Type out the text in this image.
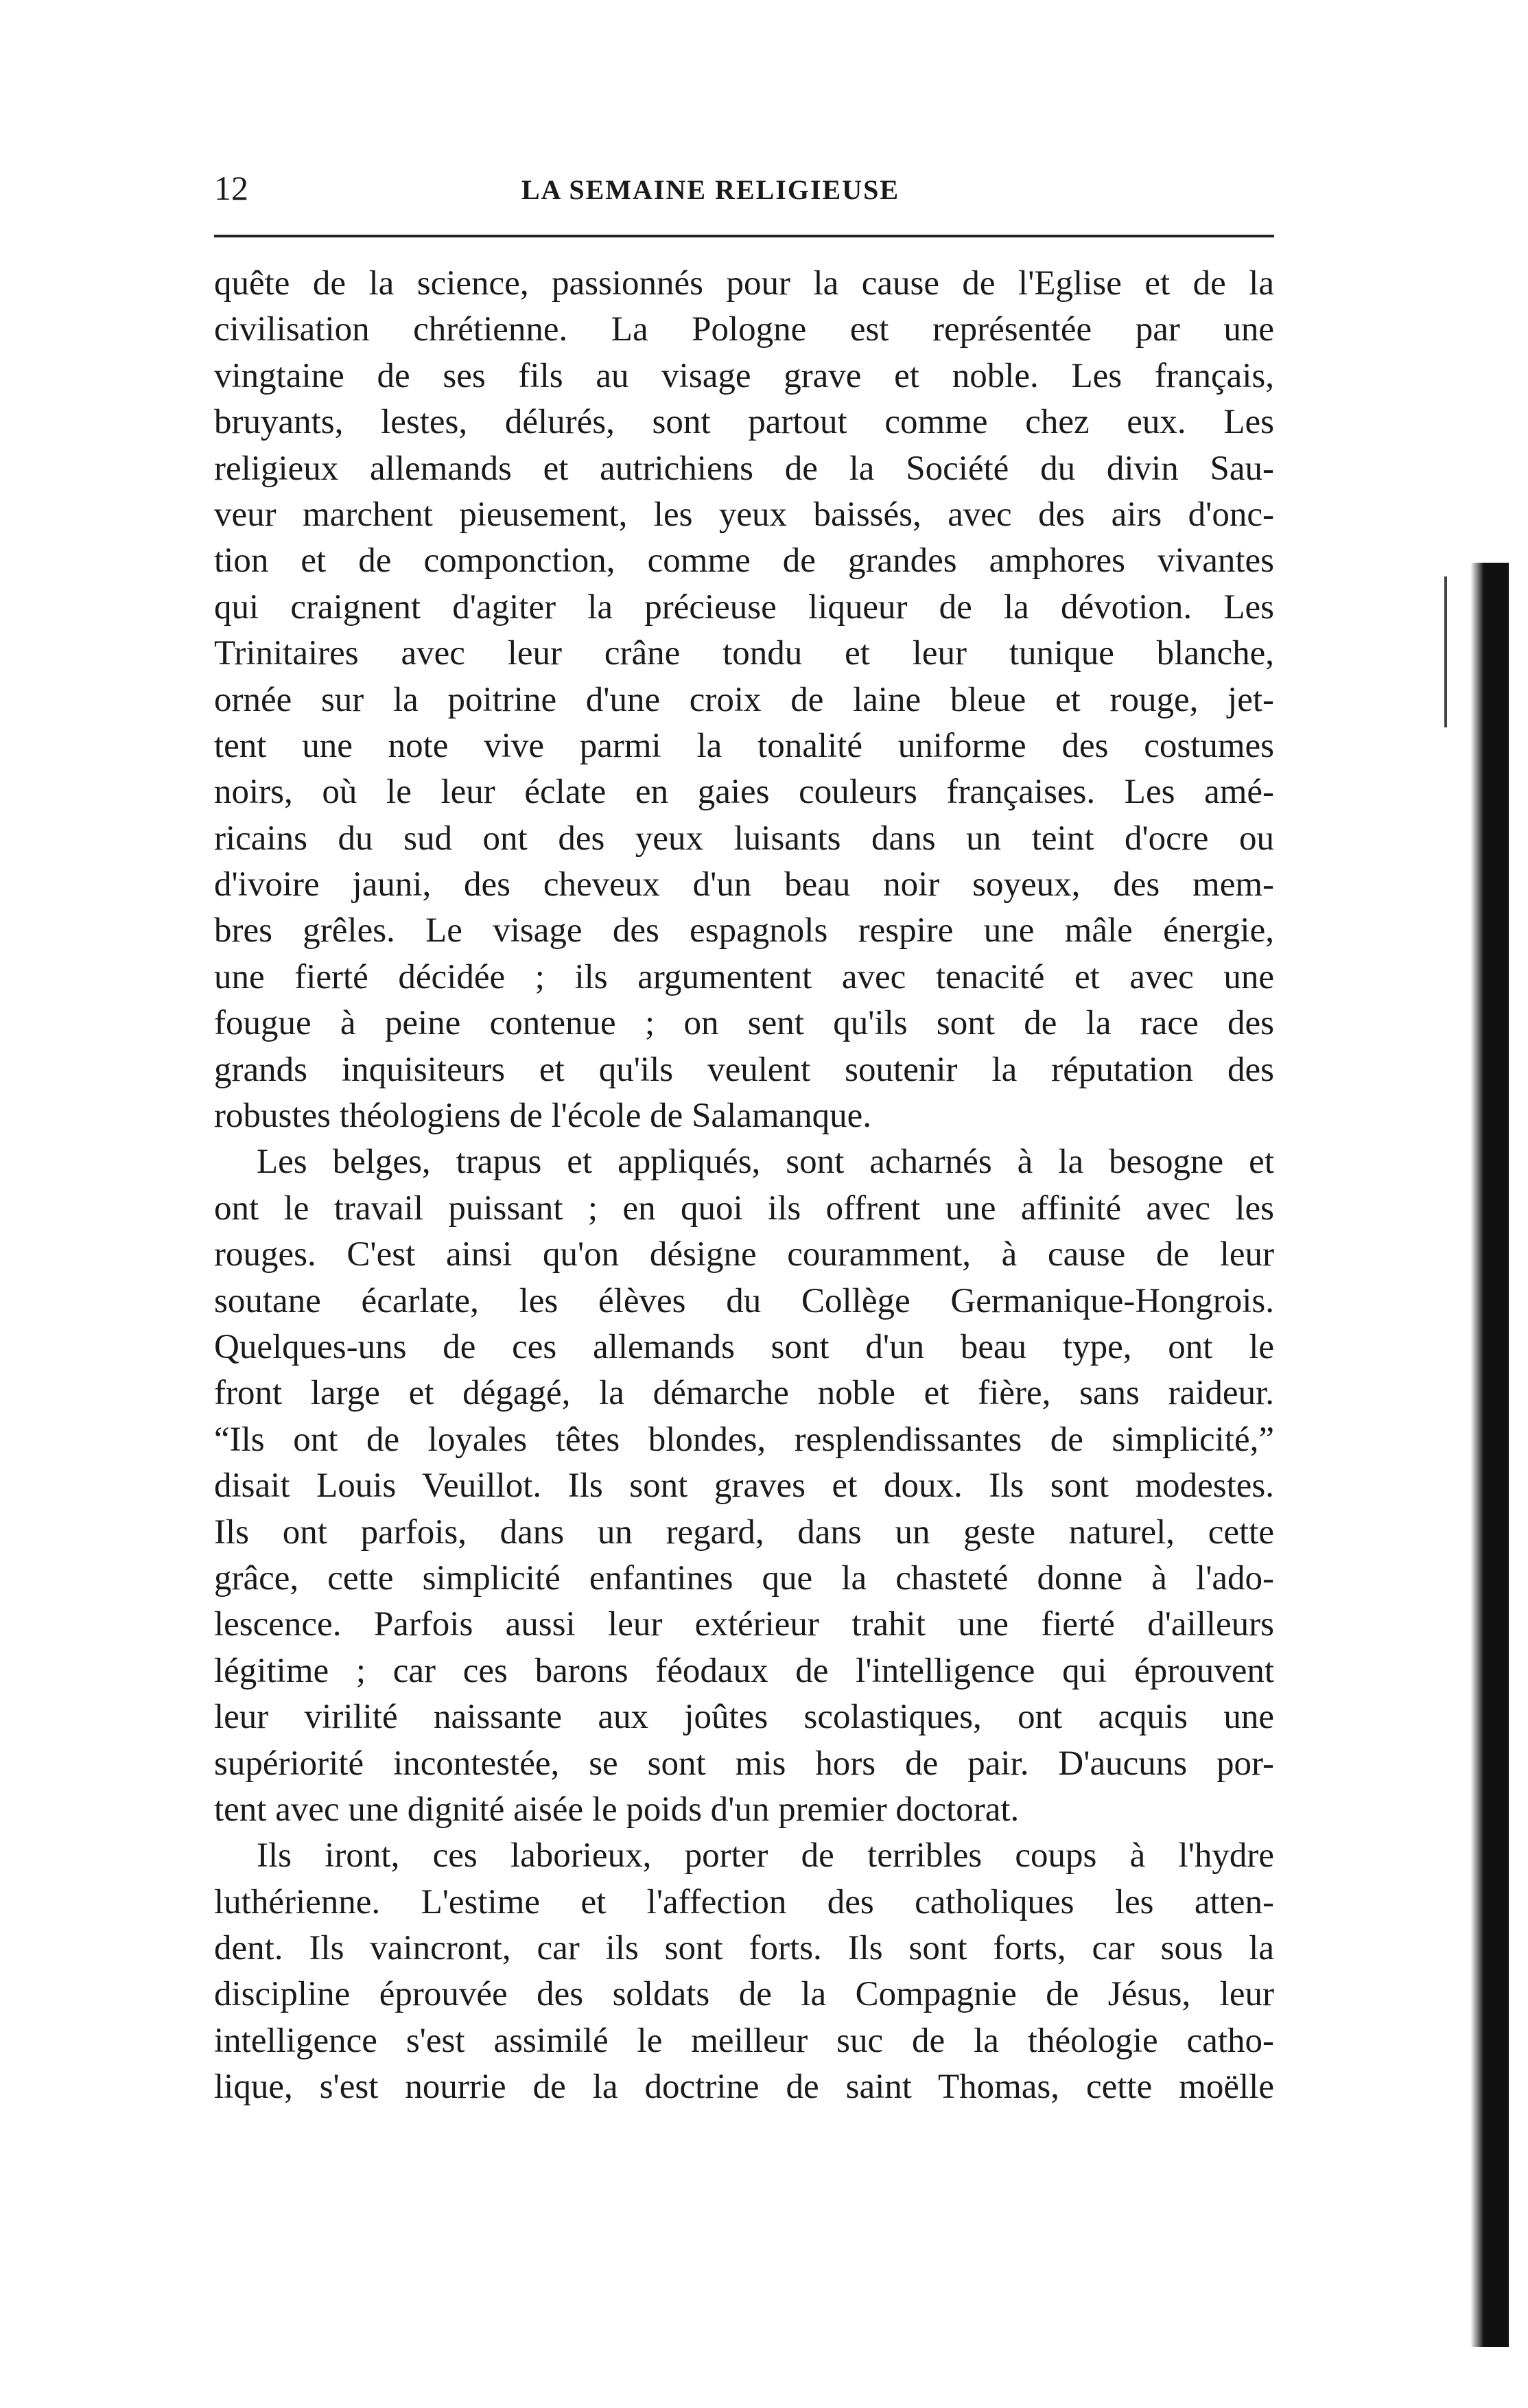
12	LA SEMAINE RELIGIEUSE
quête de la science, passionnés pour la cause de l'Eglise et de la
civilisation chrétienne. La Pologne est représentée par une
vingtaine de ses fils au visage grave et noble. Les français,
bruyants, lestes, délurés, sont partout comme chez eux. Les
religieux allemands et autrichiens de la Société du divin Sau-
veur marchent pieusement, les yeux baissés, avec des airs d'onc-
tion et de componction, comme de grandes amphores vivantes
qui craignent d'agiter la précieuse liqueur de la dévotion. Les
Trinitaires avec leur crâne tondu et leur tunique blanche,
ornée sur la poitrine d'une croix de laine bleue et rouge, jet-
tent une note vive parmi la tonalité uniforme des costumes
noirs, où le leur éclate en gaies couleurs françaises. Les amé-
ricains du sud ont des yeux luisants dans un teint d'ocre ou
d'ivoire jauni, des cheveux d'un beau noir soyeux, des mem-
bres grêles. Le visage des espagnols respire une mâle énergie,
une fierté décidée ; ils argumentent avec tenacité et avec une
fougue à peine contenue ; on sent qu'ils sont de la race des
grands inquisiteurs et qu'ils veulent soutenir la réputation des
robustes théologiens de l'école de Salamanque.
Les belges, trapus et appliqués, sont acharnés à la besogne et
ont le travail puissant ; en quoi ils offrent une affinité avec les
rouges. C'est ainsi qu'on désigne couramment, à cause de leur
soutane écarlate, les élèves du Collège Germanique-Hongrois.
Quelques-uns de ces allemands sont d'un beau type, ont le
front large et dégagé, la démarche noble et fière, sans raideur.
“Ils ont de loyales têtes blondes, resplendissantes de simplicité,”
disait Louis Veuillot. Ils sont graves et doux. Ils sont modestes.
Ils ont parfois, dans un regard, dans un geste naturel, cette
grâce, cette simplicité enfantines que la chasteté donne à l'ado-
lescence. Parfois aussi leur extérieur trahit une fierté d'ailleurs
légitime ; car ces barons féodaux de l'intelligence qui éprouvent
leur virilité naissante aux joûtes scolastiques, ont acquis une
supériorité incontestée, se sont mis hors de pair. D'aucuns por-
tent avec une dignité aisée le poids d'un premier doctorat.
Ils iront, ces laborieux, porter de terribles coups à l'hydre
luthérienne. L'estime et l'affection des catholiques les atten-
dent. Ils vaincront, car ils sont forts. Ils sont forts, car sous la
discipline éprouvée des soldats de la Compagnie de Jésus, leur
intelligence s'est assimilé le meilleur suc de la théologie catho-
lique, s'est nourrie de la doctrine de saint Thomas, cette moëlle
